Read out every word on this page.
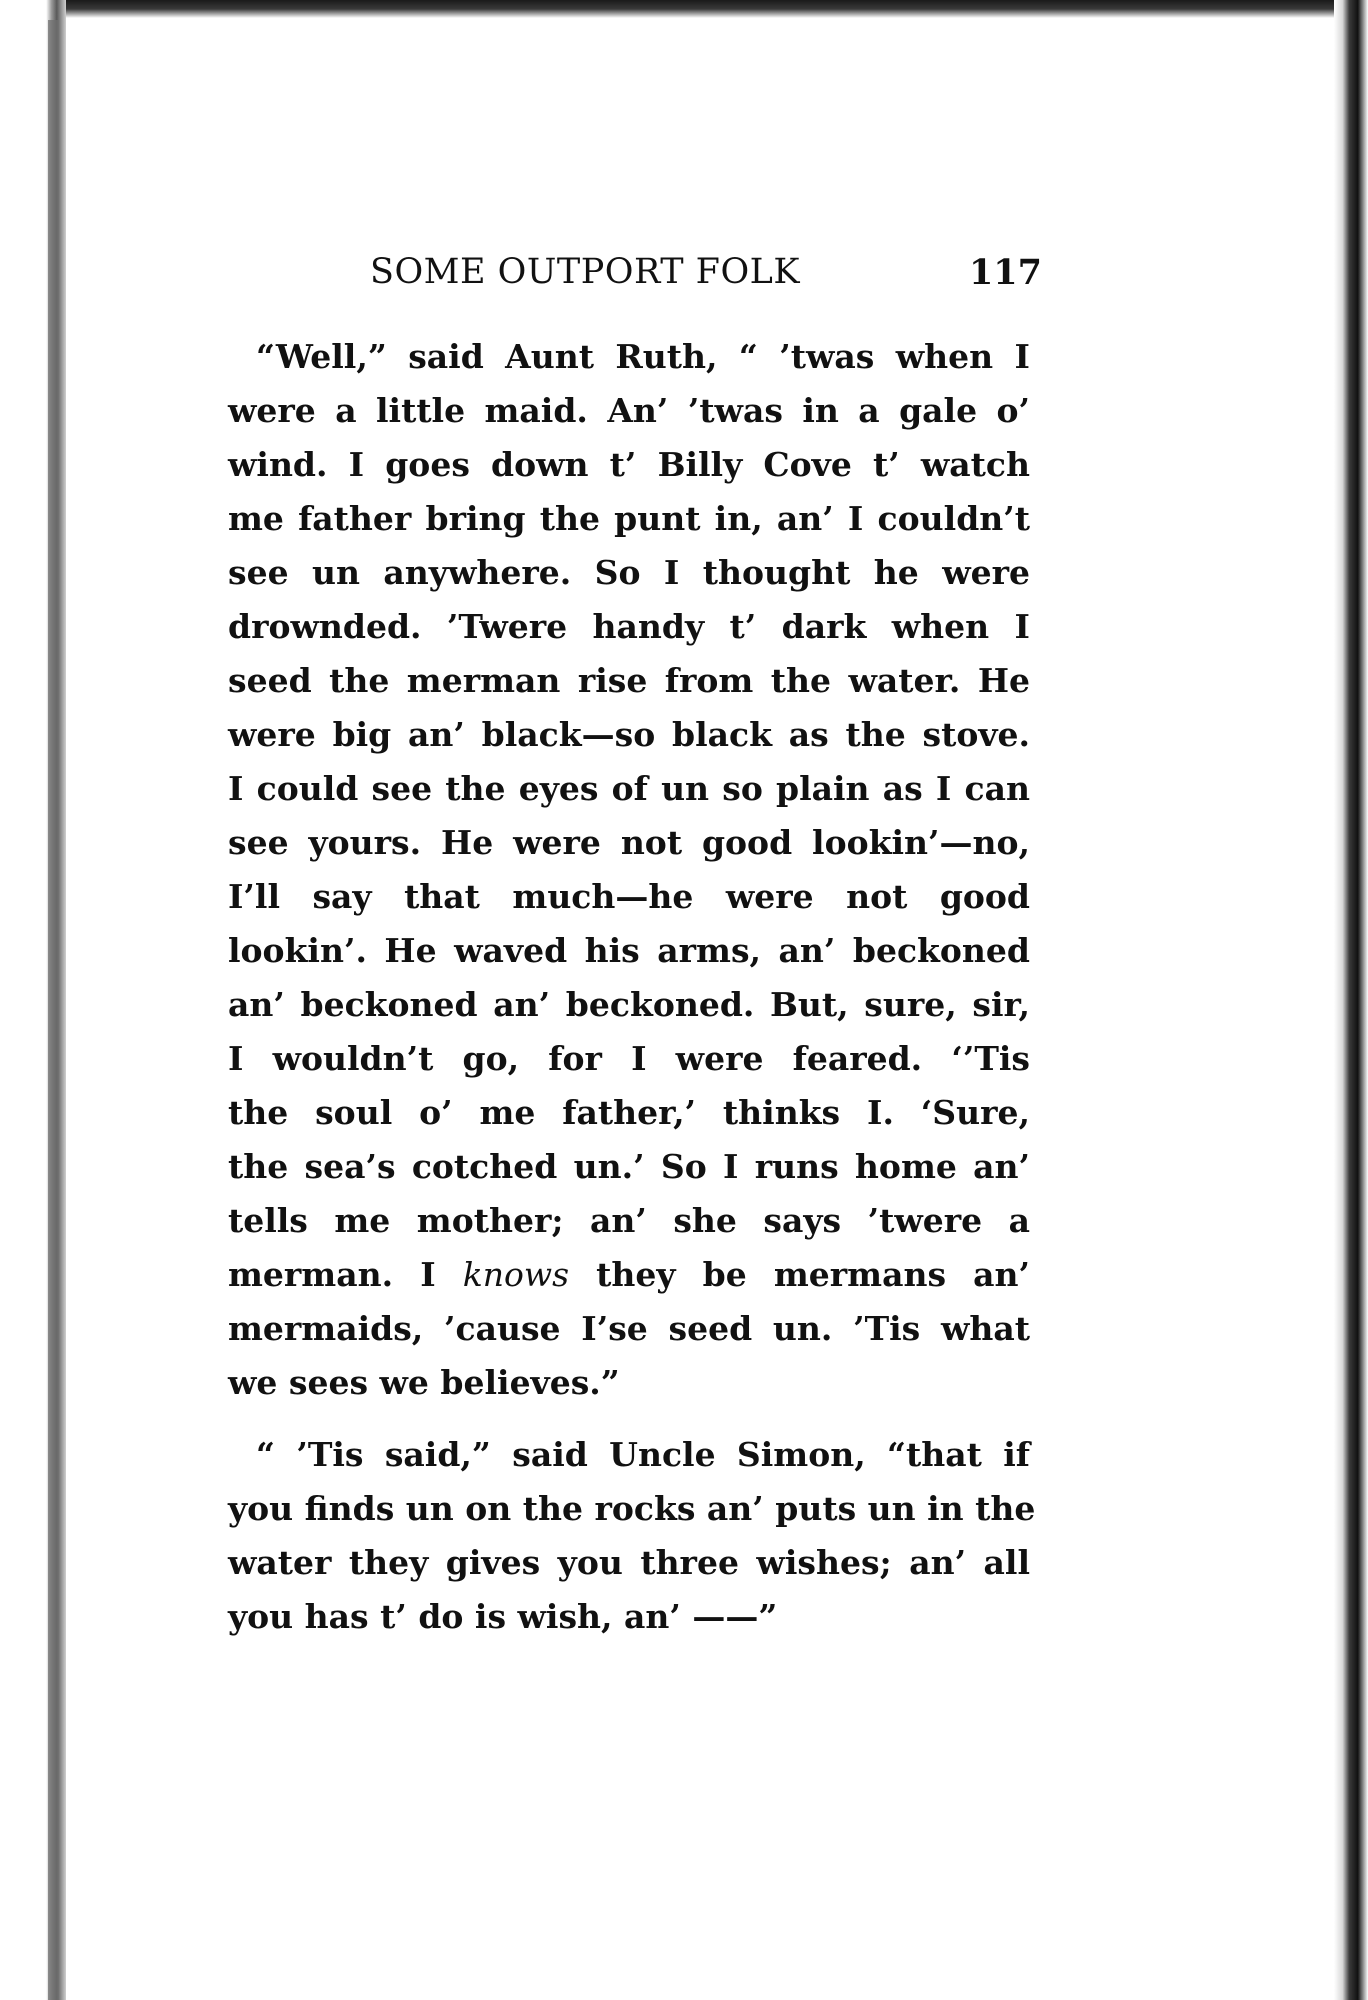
SOME OUTPORT FOLK	117
“Well,” said Aunt Ruth, “ ’twas when I
were a little maid. An’ ’twas in a gale o’
wind. I goes down t’ Billy Cove t’ watch
me father bring the punt in, an’ I couldn’t
see un anywhere. So I thought he were
drownded. ’Twere handy t’ dark when I
seed the merman rise from the water. He
were big an’ black—so black as the stove.
I could see the eyes of un so plain as I can
see yours. He were not good lookin’—no,
I’ll say that much—he were not good
lookin’. He waved his arms, an’ beckoned
an’ beckoned an’ beckoned. But, sure, sir,
I wouldn’t go, for I were feared. ‘’Tis
the soul o’ me father,’ thinks I. ‘Sure,
the sea’s cotched un.’ So I runs home an’
tells me mother; an’ she says ’twere a
merman. I knows they be mermans an’
mermaids, ’cause I’se seed un. ’Tis what
we sees we believes.”
“ ’Tis said,” said Uncle Simon, “that if
you finds un on the rocks an’ puts un in the
water they gives you three wishes; an’ all
you has t’ do is wish, an’ ——”
